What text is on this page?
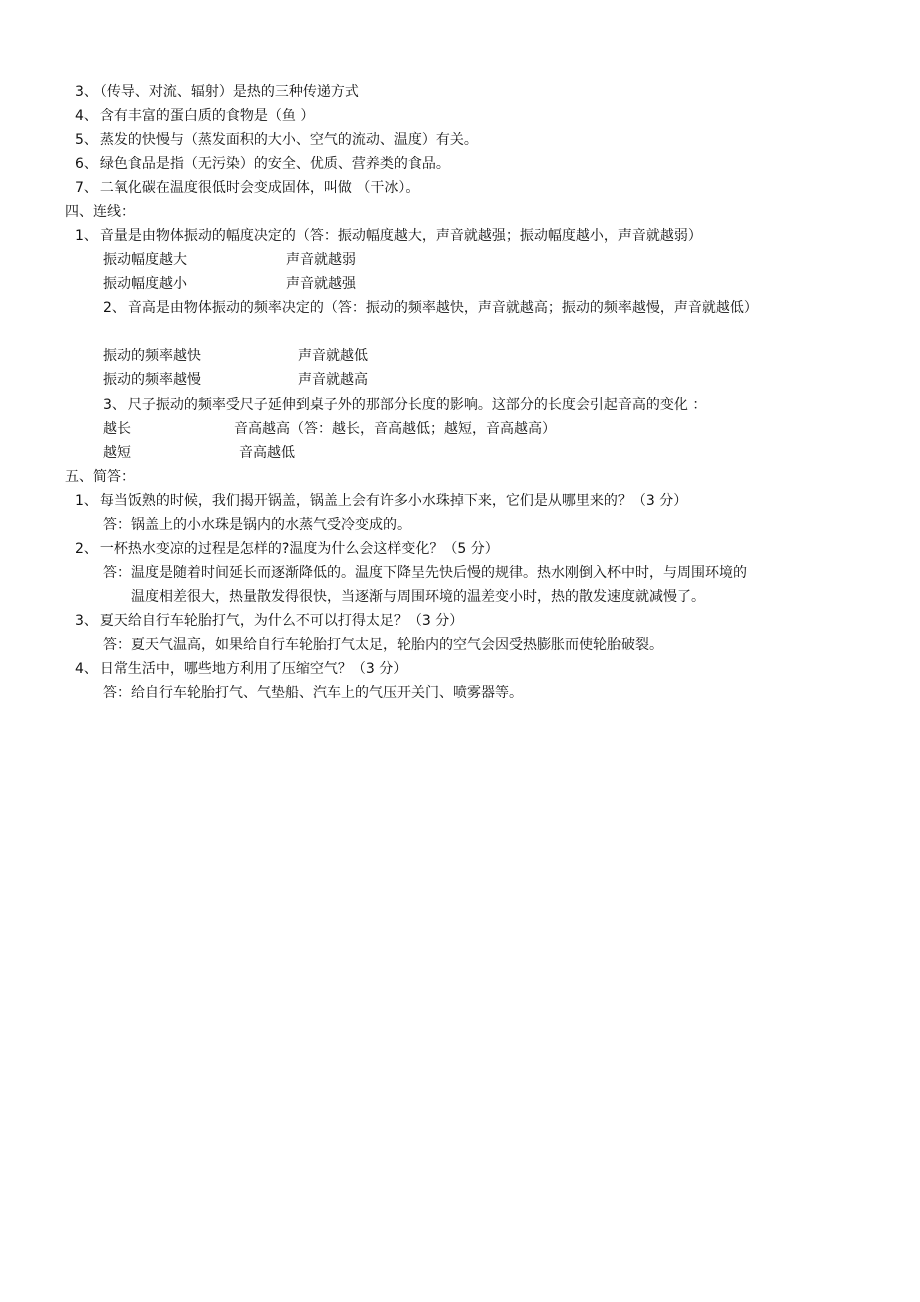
3、 （传导、对流、辐射）是热的三种传递方式
4、 含有丰富的蛋白质的食物是（鱼 ）
5、 蒸发的快慢与（蒸发面积的大小、空气的流动、温度）有关。
6、 绿色食品是指（无污染）的安全、优质、营养类的食品。
7、 二氧化碳在温度很低时会变成固体，叫做 （干冰）。
四、连线：
1、 音量是由物体振动的幅度决定的（答：振动幅度越大，声音就越强；振动幅度越小，声音就越弱）
振动幅度越大	声音就越弱
振动幅度越小	声音就越强
2、 音高是由物体振动的频率决定的（答：振动的频率越快，声音就越高；振动的频率越慢，声音就越低）
振动的频率越快	声音就越低
振动的频率越慢	声音就越高
3、 尺子振动的频率受尺子延伸到桌子外的那部分长度的影响。这部分的长度会引起音高的变化 ：
越长	音高越高（答：越长，音高越低；越短，音高越高）
越短	音高越低
五、简答：
1、 每当饭熟的时候，我们揭开锅盖，锅盖上会有许多小水珠掉下来，它们是从哪里来的？（3 分）
答：锅盖上的小水珠是锅内的水蒸气受冷变成的。
2、 一杯热水变凉的过程是怎样的?温度为什么会这样变化？（5 分）
答：温度是随着时间延长而逐渐降低的。温度下降呈先快后慢的规律。热水刚倒入杯中时，与周围环境的
温度相差很大，热量散发得很快，当逐渐与周围环境的温差变小时，热的散发速度就减慢了。
3、 夏天给自行车轮胎打气，为什么不可以打得太足？（3 分）
答：夏天气温高，如果给自行车轮胎打气太足，轮胎内的空气会因受热膨胀而使轮胎破裂。
4、 日常生活中，哪些地方利用了压缩空气？（3 分）
答：给自行车轮胎打气、气垫船、汽车上的气压开关门、喷雾器等。
